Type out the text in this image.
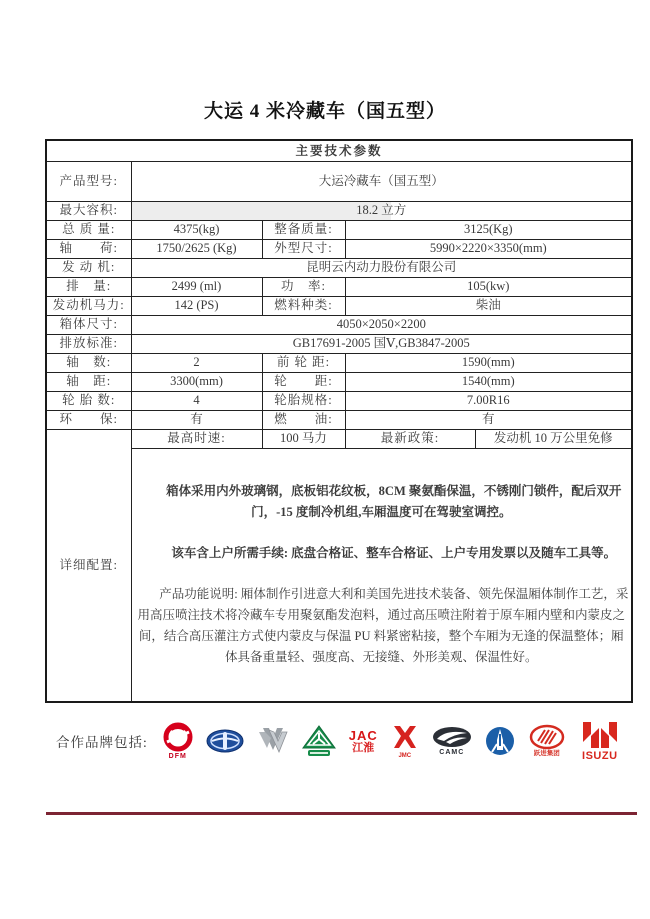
大运 4 米冷藏车（国五型）
主要技术参数				
产品型号:	大运冷藏车（国五型）			
最大容积:	18.2 立方			
总 质 量:	4375(kg)	整备质量:	3125(Kg)	
轴　　荷:	1750/2625 (Kg)	外型尺寸:	5990×2220×3350(mm)	
发 动 机:	昆明云内动力股份有限公司			
排　量:	2499 (ml)	功　率:	105(kw)	
发动机马力:	142 (PS)	燃料种类:	柴油	
箱体尺寸:	4050×2050×2200			
排放标准:	GB17691-2005 国Ⅴ,GB3847-2005			
轴　数:	2	前 轮 距:	1590(mm)	
轴　距:	3300(mm)	轮　　距:	1540(mm)	
轮 胎 数:	4	轮胎规格:	7.00R16	
环　　保:	有	燃　　油:	有	
详细配置:	最高时速:	100 马力	最新政策:	发动机 10 万公里免修

	箱体采用内外玻璃钢，底板铝花纹板，8CM 聚氨酯保温，不锈刚门锁件，配后双开门，-15 度制冷机组,车厢温度可在驾驶室调控。

该车含上户所需手续: 底盘合格证、整车合格证、上户专用发票以及随车工具等。

产品功能说明: 厢体制作引进意大利和美国先进技术装备、领先保温厢体制作工艺，采用高压喷注技术将冷藏车专用聚氨酯发泡料，通过高压喷注附着于原车厢内壁和内蒙皮之间，结合高压灌注方式使内蒙皮与保温 PU 料紧密粘接，整个车厢为无逢的保温整体；厢体具备重量轻、强度高、无接缝、外形美观、保温性好。			

合作品牌包括:
DFM
JAC
江淮
JMC	CAMC	跃进集团 ISUZU
